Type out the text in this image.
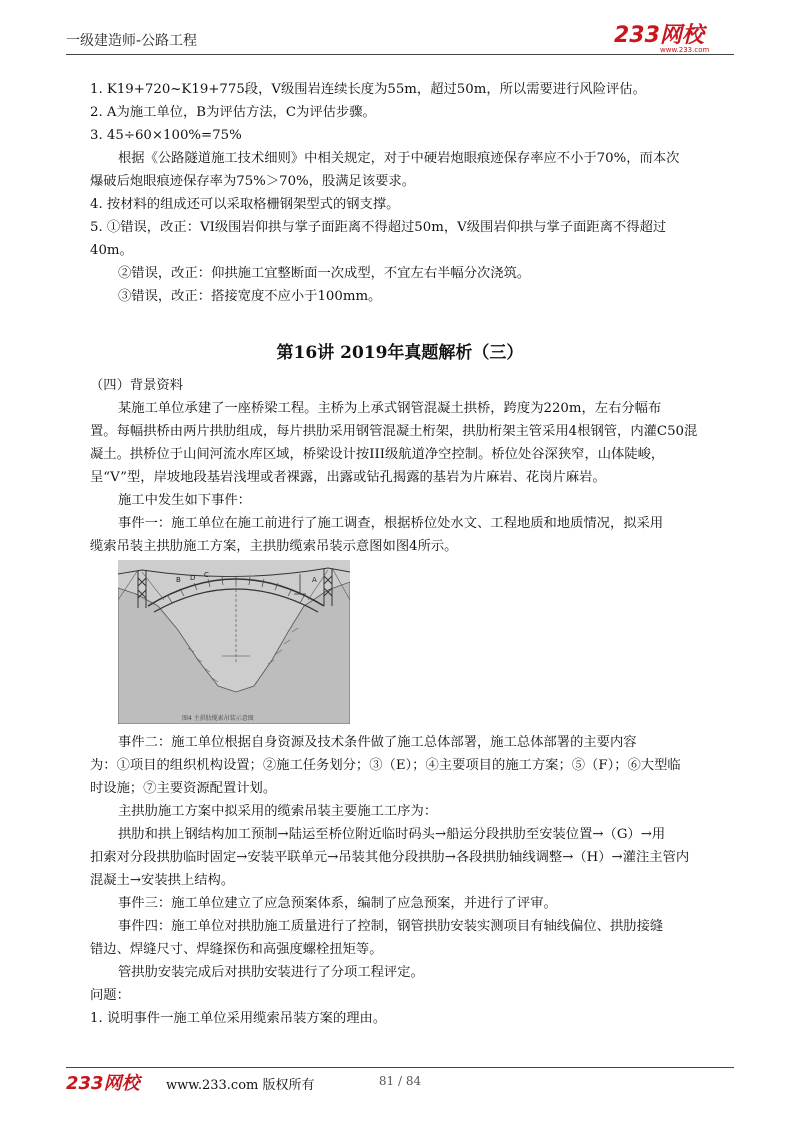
一级建造师-公路工程	233网校
www.233.com

1. K19+720~K19+775段，V级围岩连续长度为55m，超过50m，所以需要进行风险评估。

2. A为施工单位，B为评估方法，C为评估步骤。

3. 45÷60×100%=75%

根据《公路隧道施工技术细则》中相关规定，对于中硬岩炮眼痕迹保存率应不小于70%，而本次

爆破后炮眼痕迹保存率为75%＞70%，股满足该要求。

4. 按材料的组成还可以采取格栅钢架型式的钢支撑。

5. ①错误，改正：VI级围岩仰拱与掌子面距离不得超过50m，V级围岩仰拱与掌子面距离不得超过

40m。

②错误，改正：仰拱施工宜整断面一次成型，不宜左右半幅分次浇筑。

③错误，改正：搭接宽度不应小于100mm。

第16讲 2019年真题解析（三）

（四）背景资料

某施工单位承建了一座桥梁工程。主桥为上承式钢管混凝土拱桥，跨度为220m，左右分幅布

置。每幅拱桥由两片拱肋组成，每片拱肋采用钢管混凝土桁架，拱肋桁架主管采用4根钢管，内灌C50混

凝土。拱桥位于山间河流水库区域，桥梁设计按III级航道净空控制。桥位处谷深狭窄，山体陡峻，

呈“V”型，岸坡地段基岩浅埋或者裸露，出露或钻孔揭露的基岩为片麻岩、花岗片麻岩。

施工中发生如下事件：

事件一：施工单位在施工前进行了施工调查，根据桥位处水文、工程地质和地质情况，拟采用

缆索吊装主拱肋施工方案，主拱肋缆索吊装示意图如图4所示。

B D C
A
图4 主拱肋缆索吊装示意图

事件二：施工单位根据自身资源及技术条件做了施工总体部署，施工总体部署的主要内容

为：①项目的组织机构设置；②施工任务划分；③（E）；④主要项目的施工方案；⑤（F）；⑥大型临

时设施；⑦主要资源配置计划。

主拱肋施工方案中拟采用的缆索吊装主要施工工序为：

拱肋和拱上钢结构加工预制→陆运至桥位附近临时码头→船运分段拱肋至安装位置→（G）→用

扣索对分段拱肋临时固定→安装平联单元→吊装其他分段拱肋→各段拱肋轴线调整→（H）→灌注主管内

混凝土→安装拱上结构。

事件三：施工单位建立了应急预案体系，编制了应急预案，并进行了评审。

事件四：施工单位对拱肋施工质量进行了控制，钢管拱肋安装实测项目有轴线偏位、拱肋接缝

错边、焊缝尺寸、焊缝探伤和高强度螺栓扭矩等。

管拱肋安装完成后对拱肋安装进行了分项工程评定。

问题：

1. 说明事件一施工单位采用缆索吊装方案的理由。

233网校 www.233.com 版权所有	81 / 84
